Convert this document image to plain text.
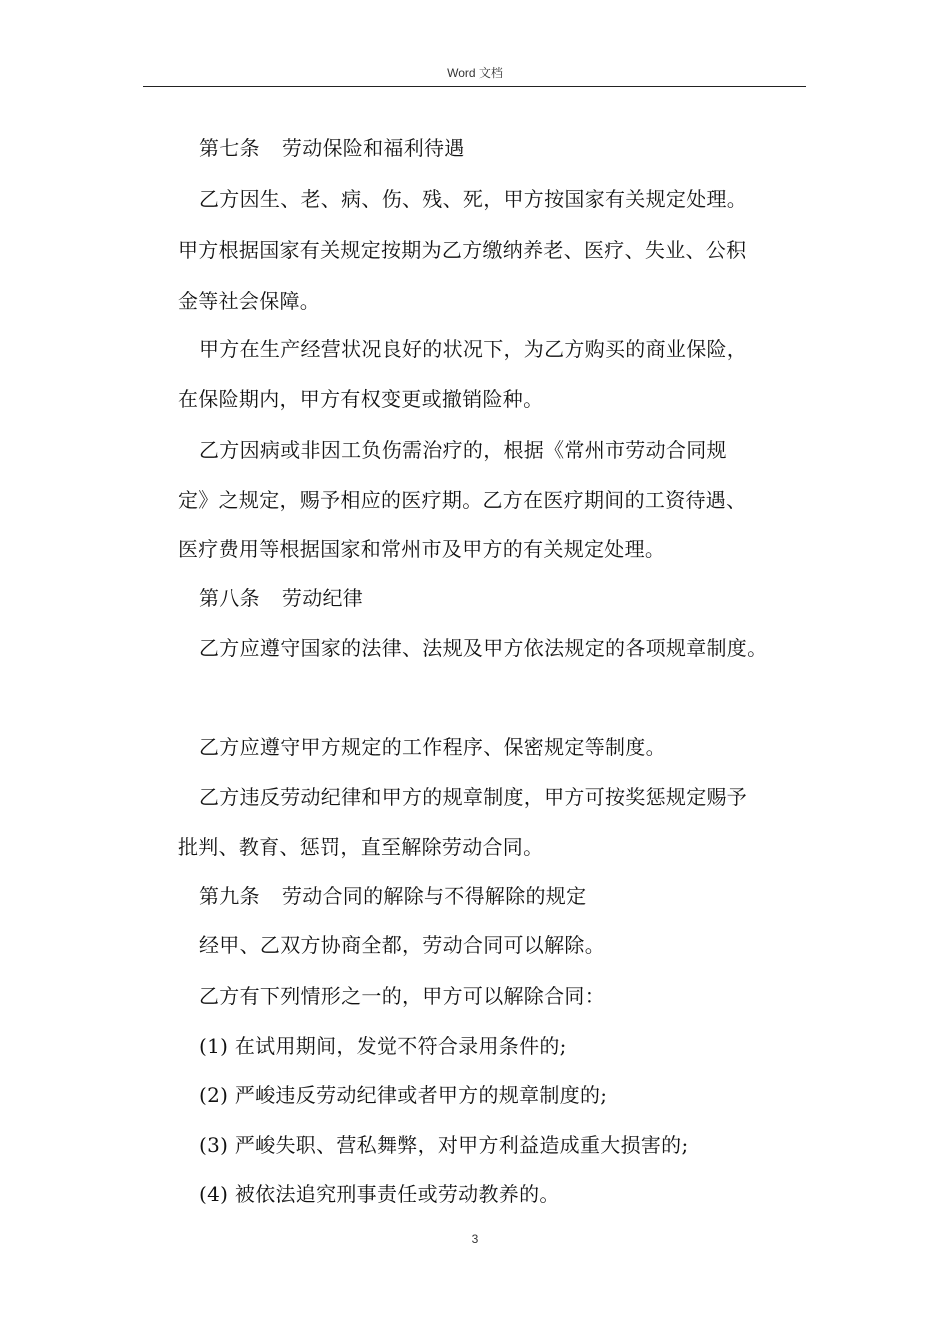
Word 文档
第七条 劳动保险和福利待遇
乙方因生、老、病、伤、残、死，甲方按国家有关规定处理。
甲方根据国家有关规定按期为乙方缴纳养老、医疗、失业、公积
金等社会保障。
甲方在生产经营状况良好的状况下，为乙方购买的商业保险，
在保险期内，甲方有权变更或撤销险种。
乙方因病或非因工负伤需治疗的，根据《常州市劳动合同规
定》之规定，赐予相应的医疗期。乙方在医疗期间的工资待遇、
医疗费用等根据国家和常州市及甲方的有关规定处理。
第八条 劳动纪律
乙方应遵守国家的法律、法规及甲方依法规定的各项规章制度。
乙方应遵守甲方规定的工作程序、保密规定等制度。
乙方违反劳动纪律和甲方的规章制度，甲方可按奖惩规定赐予
批判、教育、惩罚，直至解除劳动合同。
第九条 劳动合同的解除与不得解除的规定
经甲、乙双方协商全都，劳动合同可以解除。
乙方有下列情形之一的，甲方可以解除合同：
(1) 在试用期间，发觉不符合录用条件的;
(2) 严峻违反劳动纪律或者甲方的规章制度的;
(3) 严峻失职、营私舞弊，对甲方利益造成重大损害的;
(4) 被依法追究刑事责任或劳动教养的。
3
